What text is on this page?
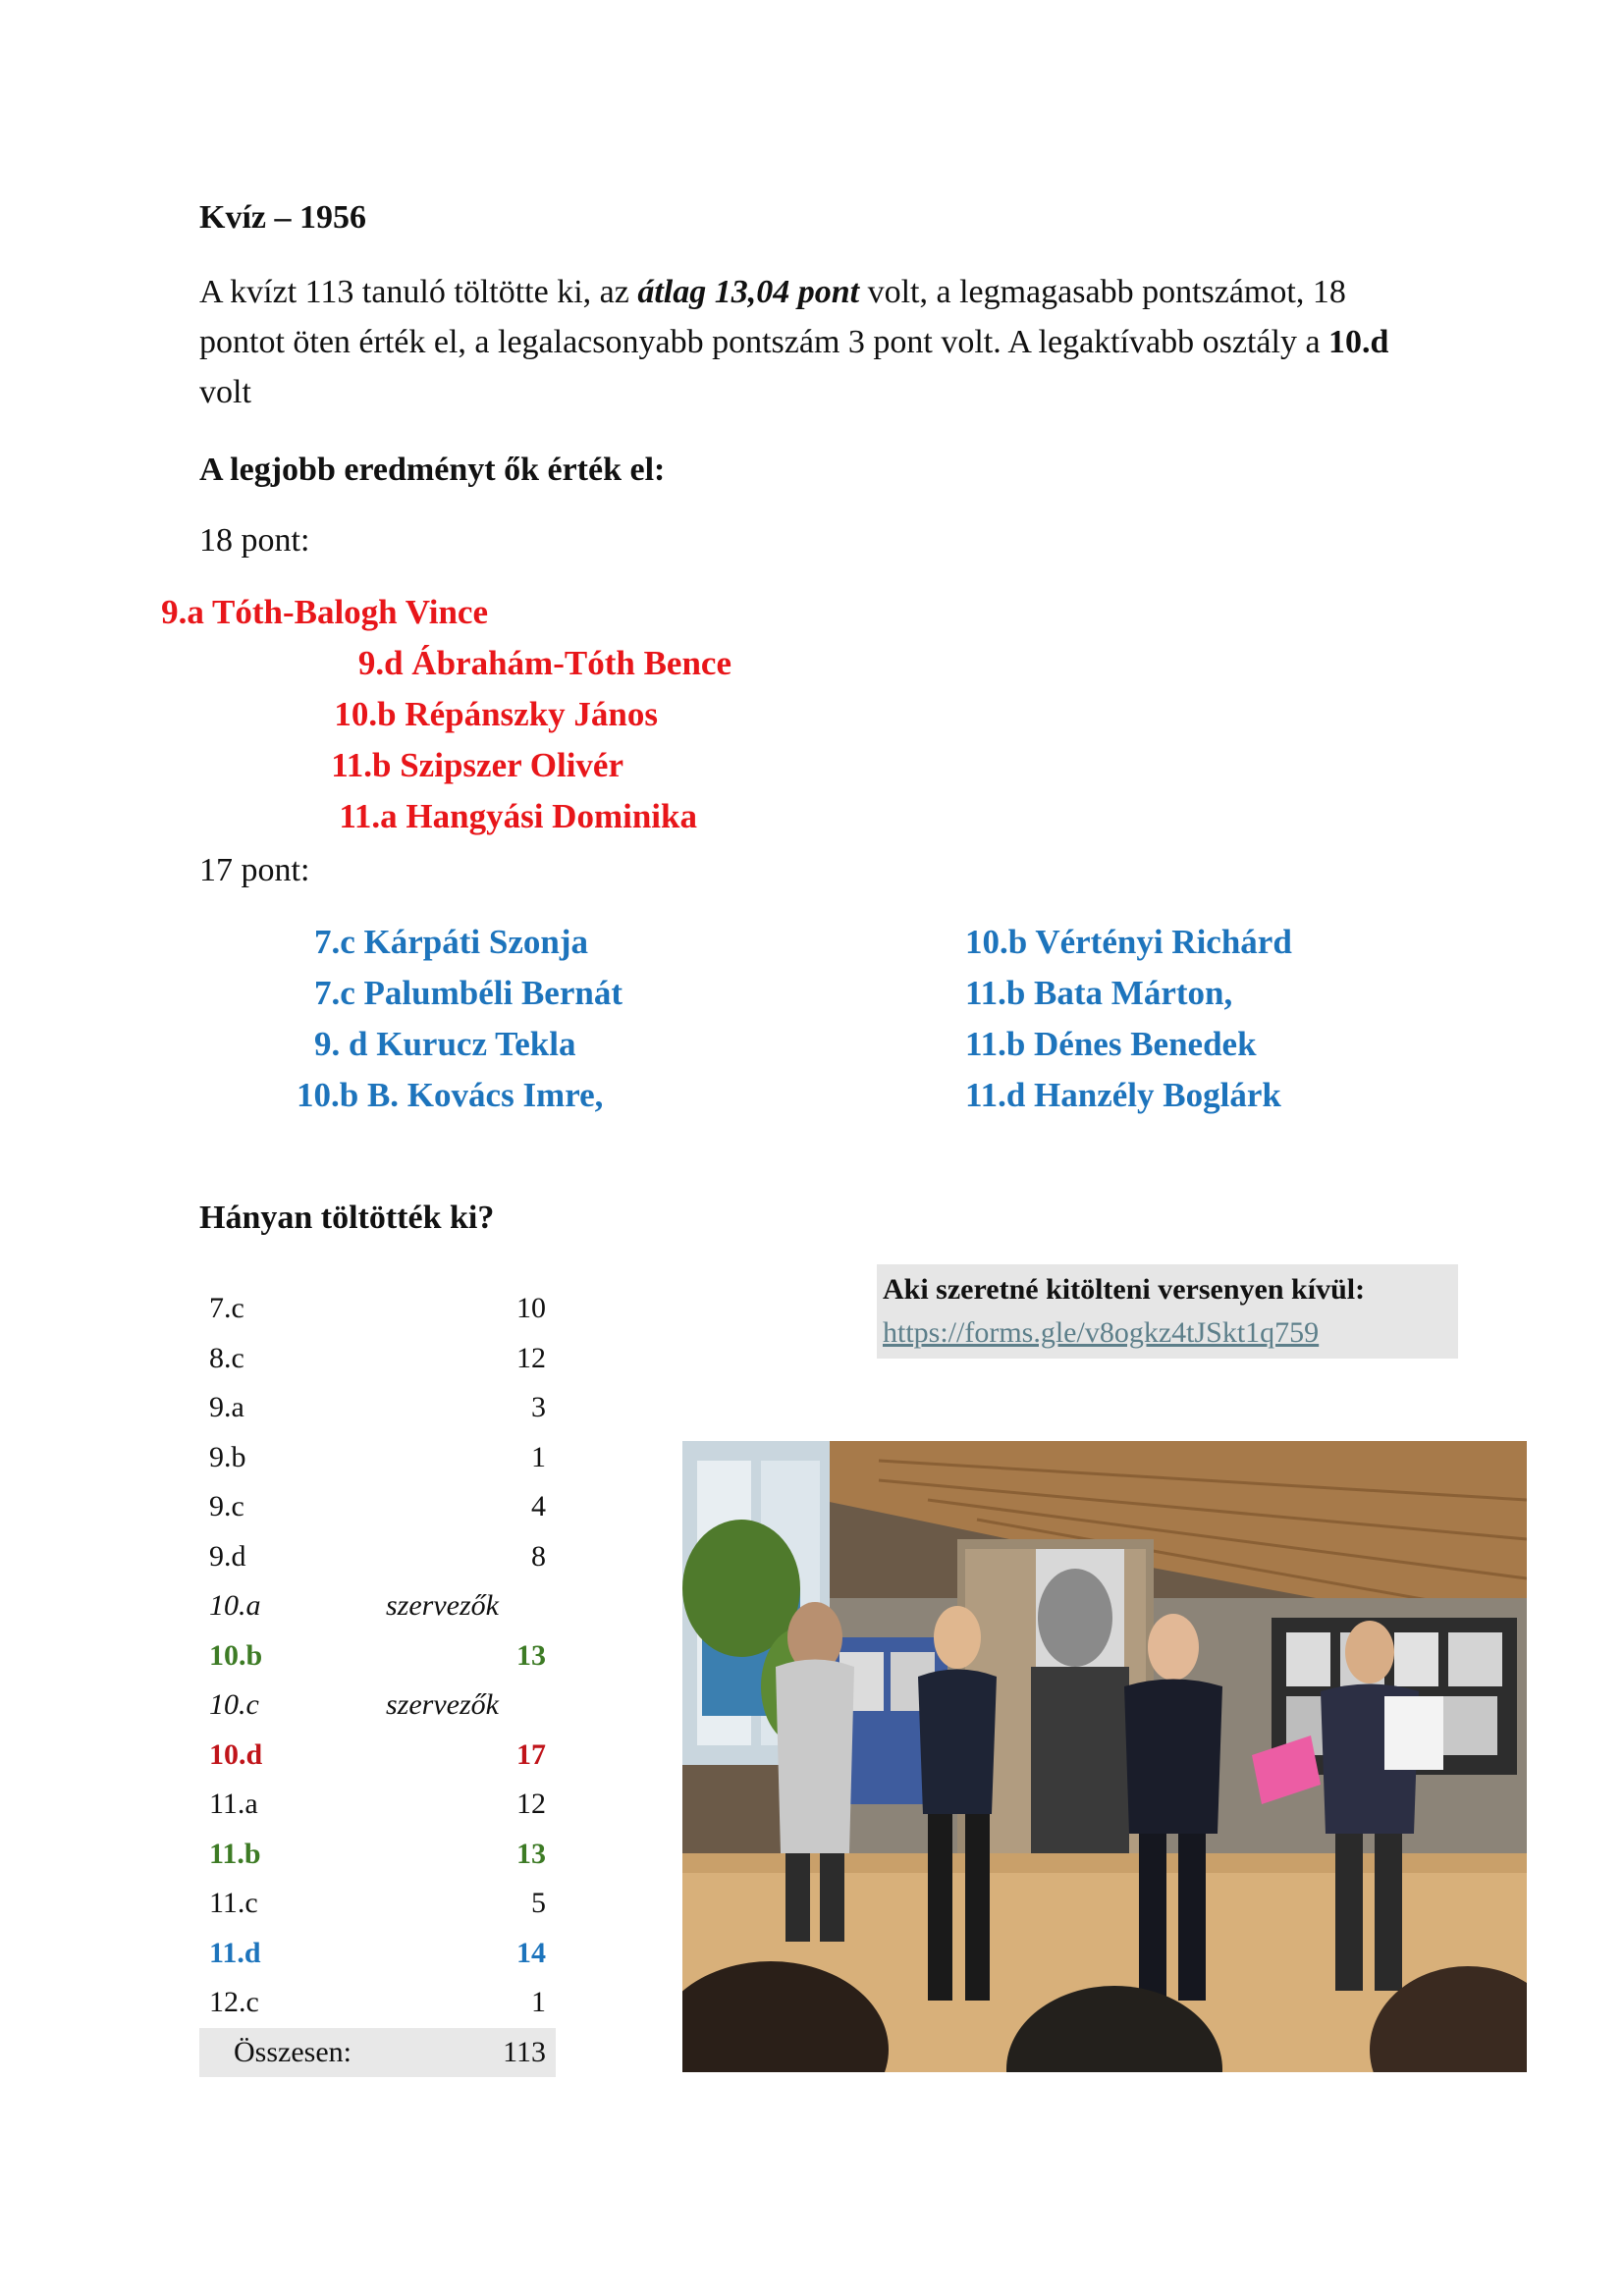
Kvíz – 1956
A kvízt 113 tanuló töltötte ki, az átlag 13,04 pont volt, a legmagasabb pontszámot, 18 pontot öten érték el, a legalacsonyabb pontszám 3 pont volt. A legaktívabb osztály a 10.d volt
A legjobb eredményt ők érték el:
18 pont:
9.a Tóth-Balogh Vince
9.d Ábrahám-Tóth Bence
10.b Répánszky János
11.b Szipszer Olivér
11.a Hangyási Dominika
17 pont:
7.c Kárpáti Szonja
7.c Palumbéli Bernát
9. d Kurucz Tekla
10.b B. Kovács Imre,
10.b Vértényi Richárd
11.b Bata Márton,
11.b Dénes Benedek
11.d Hanzély Boglárk
Hányan töltötték ki?
7.c	10
8.c	12
9.a	3
9.b	1
9.c	4
9.d	8
10.a	szervezők
10.b	13
10.c	szervezők
10.d	17
11.a	12
11.b	13
11.c	5
11.d	14
12.c	1
Összesen:	113
Aki szeretné kitölteni versenyen kívül:
https://forms.gle/v8ogkz4tJSkt1q759
